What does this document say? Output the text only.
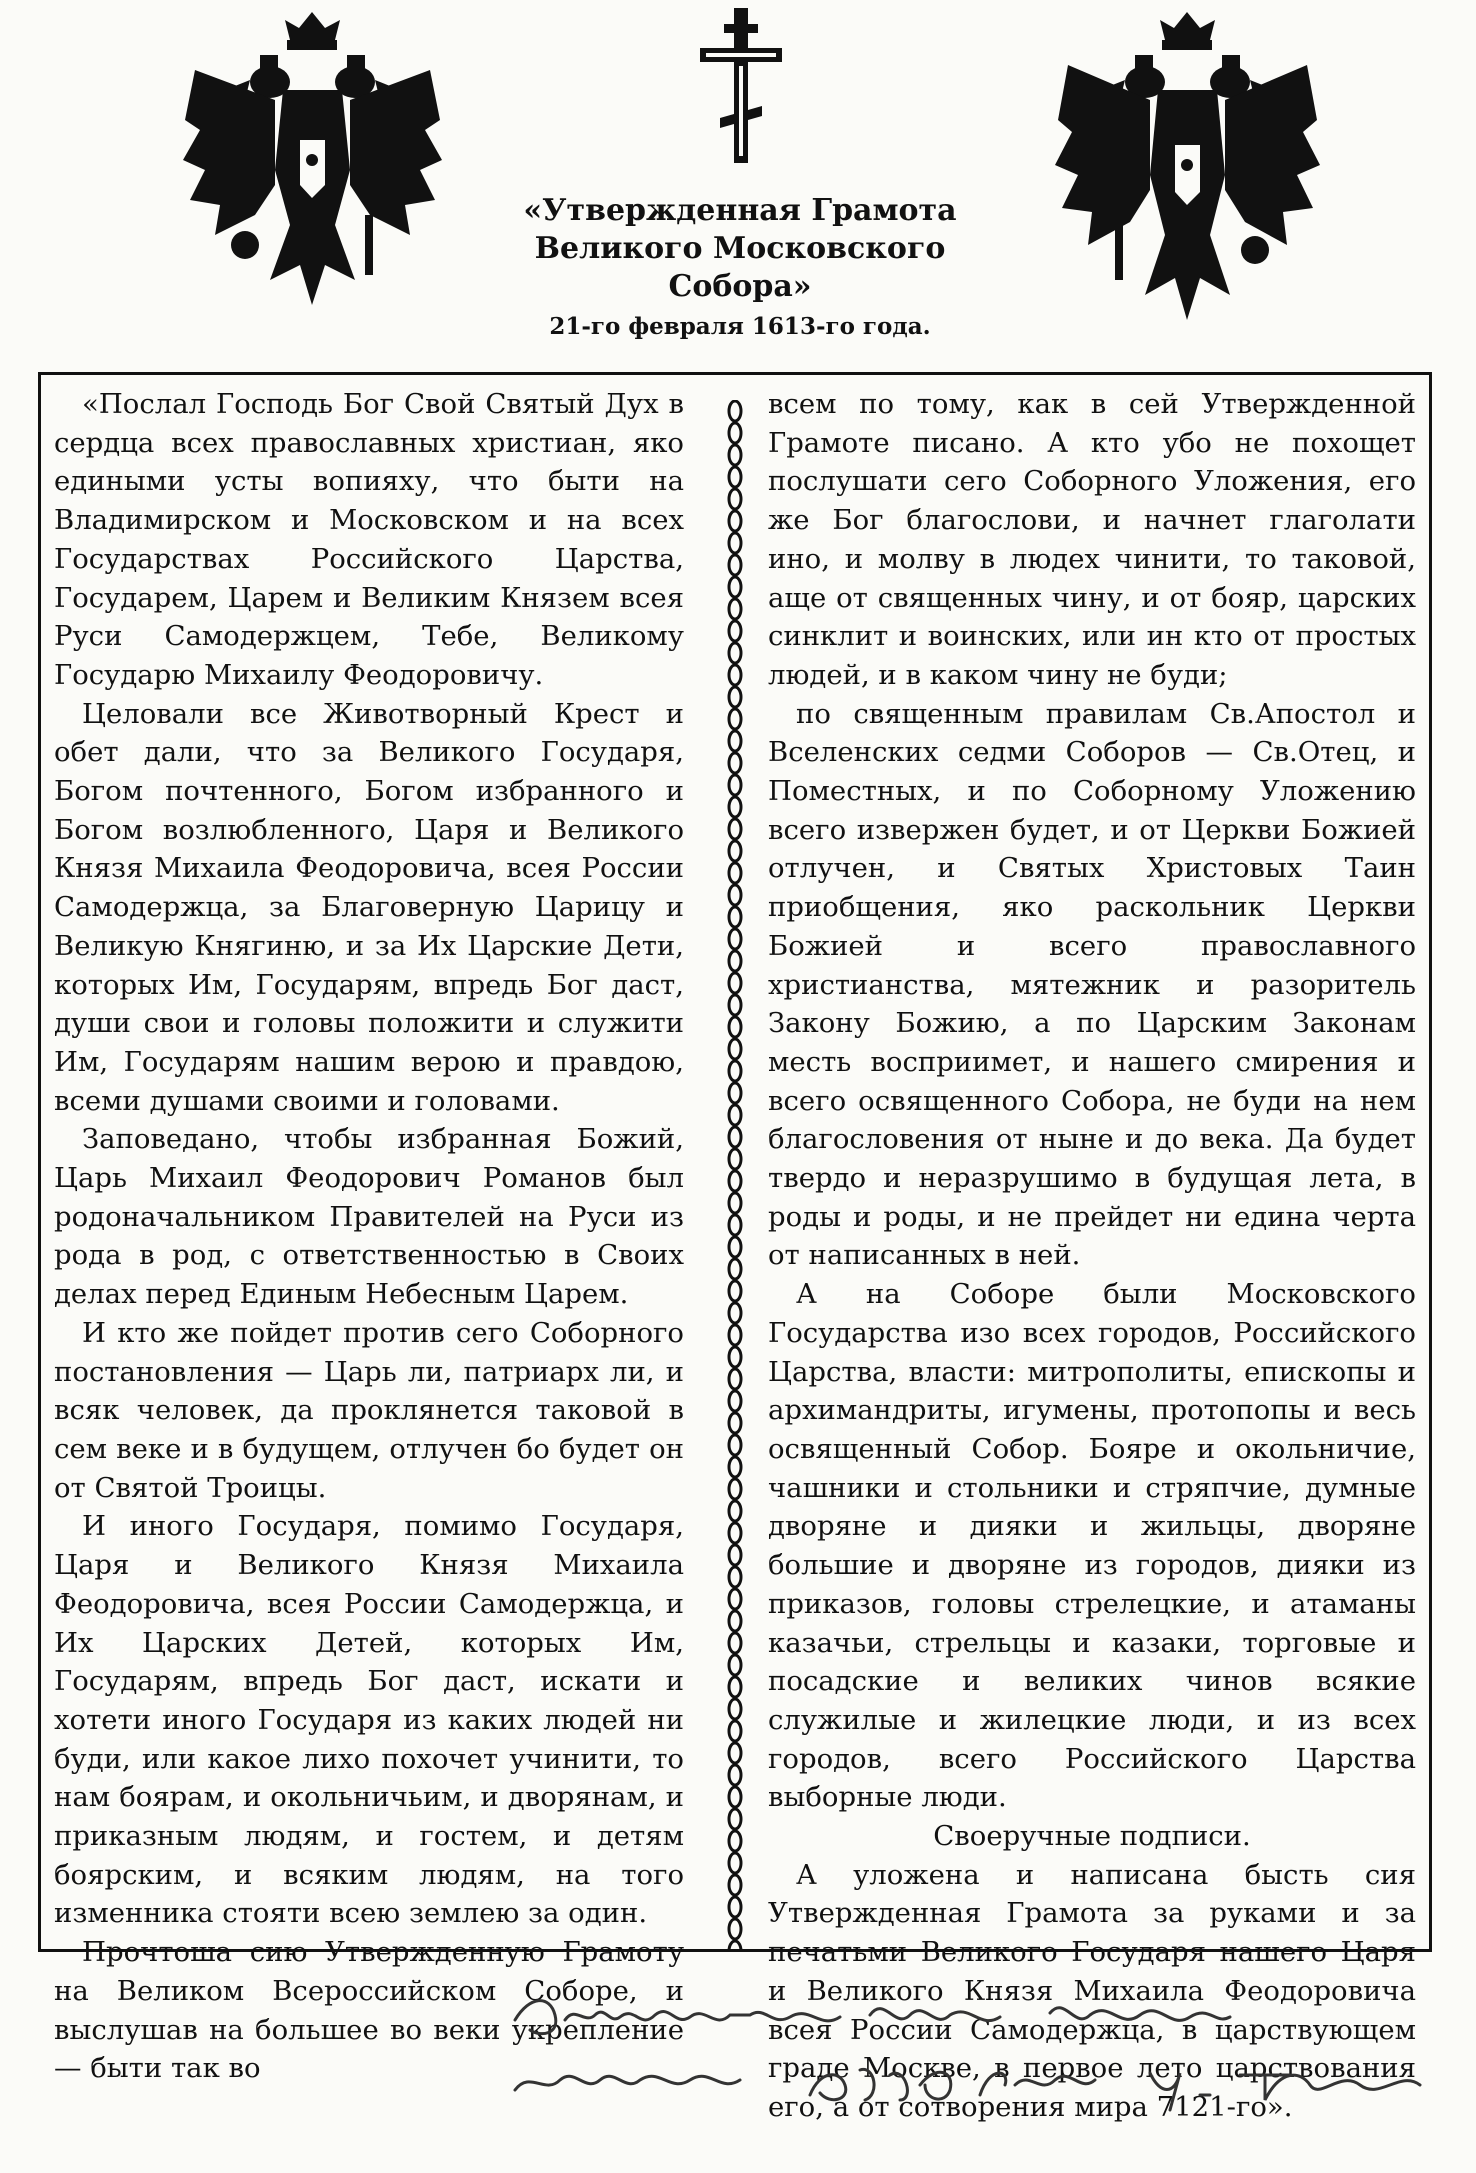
«Утвержденная Грамота
Великого Московского Собора»
21-го февраля 1613-го года.

«Послал Господь Бог Свой Святый Дух в сердца всех православных христиан, яко едиными усты вопияху, что быти на Владимирском и Московском и на всех Государствах Российского Царства, Государем, Царем и Великим Князем всея Руси Самодержцем, Тебе, Великому Государю Михаилу Феодоровичу.

Целовали все Животворный Крест и обет дали, что за Великого Государя, Богом почтенного, Богом избранного и Богом возлюбленного, Царя и Великого Князя Михаила Феодоровича, всея России Самодержца, за Благоверную Царицу и Великую Княгиню, и за Их Царские Дети, которых Им, Государям, впредь Бог даст, души свои и головы положити и служити Им, Государям нашим верою и правдою, всеми душами своими и головами.

Заповедано, чтобы избранная Божий, Царь Михаил Феодорович Романов был родоначальником Правителей на Руси из рода в род, с ответственностью в Своих делах перед Единым Небесным Царем.

И кто же пойдет против сего Соборного постановления — Царь ли, патриарх ли, и всяк человек, да проклянется таковой в сем веке и в будущем, отлучен бо будет он от Святой Троицы.

И иного Государя, помимо Государя, Царя и Великого Князя Михаила Феодоровича, всея России Самодержца, и Их Царских Детей, которых Им, Государям, впредь Бог даст, искати и хотети иного Государя из каких людей ни буди, или какое лихо похочет учинити, то нам боярам, и окольничьим, и дворянам, и приказным людям, и гостем, и детям боярским, и всяким людям, на того изменника стояти всею землею за один.

Прочтоша сию Утвержденную Грамоту на Великом Всероссийском Соборе, и выслушав на большее во веки укрепление — быти так во

всем по тому, как в сей Утвержденной Грамоте писано. А кто убо не похощет послушати сего Соборного Уложения, его же Бог благослови, и начнет глаголати ино, и молву в людех чинити, то таковой, аще от священных чину, и от бояр, царских синклит и воинских, или ин кто от простых людей, и в каком чину не буди;

по священным правилам Св.Апостол и Вселенских седми Соборов — Св.Отец, и Поместных, и по Соборному Уложению всего извержен будет, и от Церкви Божией отлучен, и Святых Христовых Таин приобщения, яко раскольник Церкви Божией и всего православного христианства, мятежник и разоритель Закону Божию, а по Царским Законам месть восприимет, и нашего смирения и всего освященного Собора, не буди на нем благословения от ныне и до века. Да будет твердо и неразрушимо в будущая лета, в роды и роды, и не прейдет ни едина черта от написанных в ней.

А на Соборе были Московского Государства изо всех городов, Российского Царства, власти: митрополиты, епископы и архимандриты, игумены, протопопы и весь освященный Собор. Бояре и окольничие, чашники и стольники и стряпчие, думные дворяне и дияки и жильцы, дворяне большие и дворяне из городов, дияки из приказов, головы стрелецкие, и атаманы казачьи, стрельцы и казаки, торговые и посадские и великих чинов всякие служилые и жилецкие люди, и из всех городов, всего Российского Царства выборные люди.

Своеручные подписи.

А уложена и написана бысть сия Утвержденная Грамота за руками и за печатьми Великого Государя нашего Царя и Великого Князя Михаила Феодоровича всея России Самодержца, в царствующем граде Москве, в первое лето царствования его, а от сотворения мира 7121-го».
